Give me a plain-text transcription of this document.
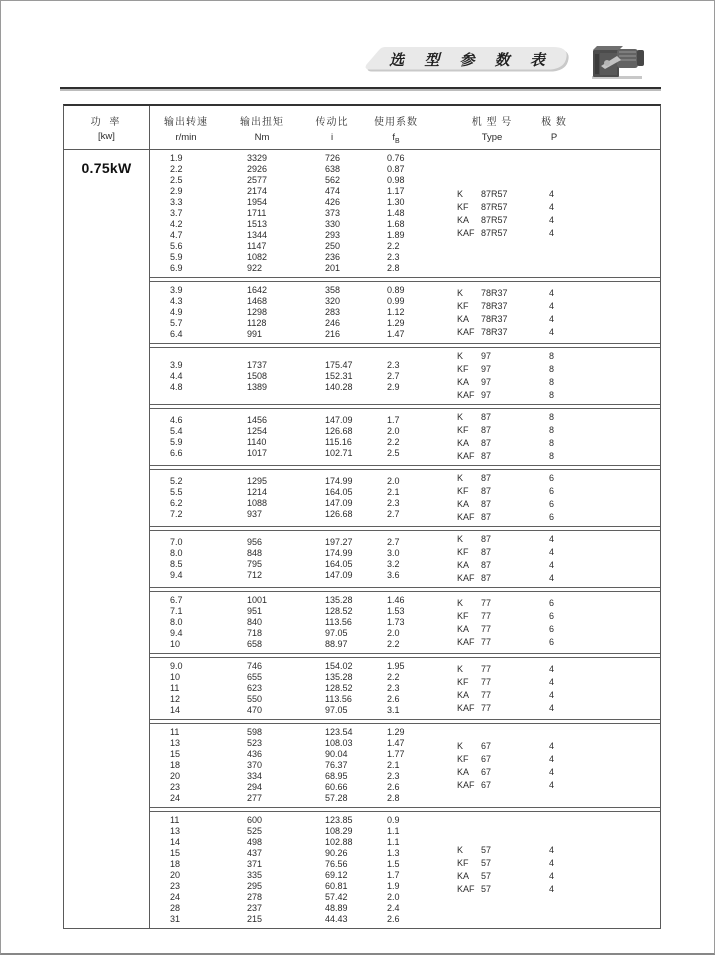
选 型 参 数 表
功 率
[kw]
0.75kW
输出转速
r/min
输出扭矩
Nm
传动比
i
使用系数
$f_B$
机 型 号
Type
极 数
P
1.9	3329	726	0.76
2.2	2926	638	0.87
2.5	2577	562	0.98
2.9	2174	474	1.17
3.3	1954	426	1.30
3.7	1711	373	1.48
4.2	1513	330	1.68
4.7	1344	293	1.89
5.6	1147	250	2.2
5.9	1082	236	2.3
6.9	922	201	2.8
K	87R57	4
KF	87R57	4
KA	87R57	4
KAF 87R57	4
3.9	1642	358	0.89
4.3	1468	320	0.99
4.9	1298	283	1.12
5.7	1128	246	1.29
6.4	991	216	1.47
K	78R37	4
KF	78R37	4
KA	78R37	4
KAF 78R37	4
3.9	1737	175.47	2.3
4.4	1508	152.31	2.7
4.8	1389	140.28	2.9
K	97	8
KF	97	8
KA	97	8
KAF 97	8
4.6	1456	147.09	1.7
5.4	1254	126.68	2.0
5.9	1140	115.16	2.2
6.6	1017	102.71	2.5
K	87	8
KF	87	8
KA	87	8
KAF 87	8
5.2	1295	174.99	2.0
5.5	1214	164.05	2.1
6.2	1088	147.09	2.3
7.2	937	126.68	2.7
K	87	6
KF	87	6
KA	87	6
KAF 87	6
7.0	956	197.27	2.7
8.0	848	174.99	3.0
8.5	795	164.05	3.2
9.4	712	147.09	3.6
K	87	4
KF	87	4
KA	87	4
KAF 87	4
6.7	1001	135.28	1.46
7.1	951	128.52	1.53
8.0	840	113.56	1.73
9.4	718	97.05	2.0
10	658	88.97	2.2
K	77	6
KF	77	6
KA	77	6
KAF 77	6
9.0	746	154.02	1.95
10	655	135.28	2.2
11	623	128.52	2.3
12	550	113.56	2.6
14	470	97.05	3.1
K	77	4
KF	77	4
KA	77	4
KAF 77	4
11	598	123.54	1.29
13	523	108.03	1.47
15	436	90.04	1.77
18	370	76.37	2.1
20	334	68.95	2.3
23	294	60.66	2.6
24	277	57.28	2.8
K	67	4
KF	67	4
KA	67	4
KAF 67	4
11	600	123.85	0.9
13	525	108.29	1.1
14	498	102.88	1.1
15	437	90.26	1.3
18	371	76.56	1.5
20	335	69.12	1.7
23	295	60.81	1.9
24	278	57.42	2.0
28	237	48.89	2.4
31	215	44.43	2.6
K	57	4
KF	57	4
KA	57	4
KAF 57	4
